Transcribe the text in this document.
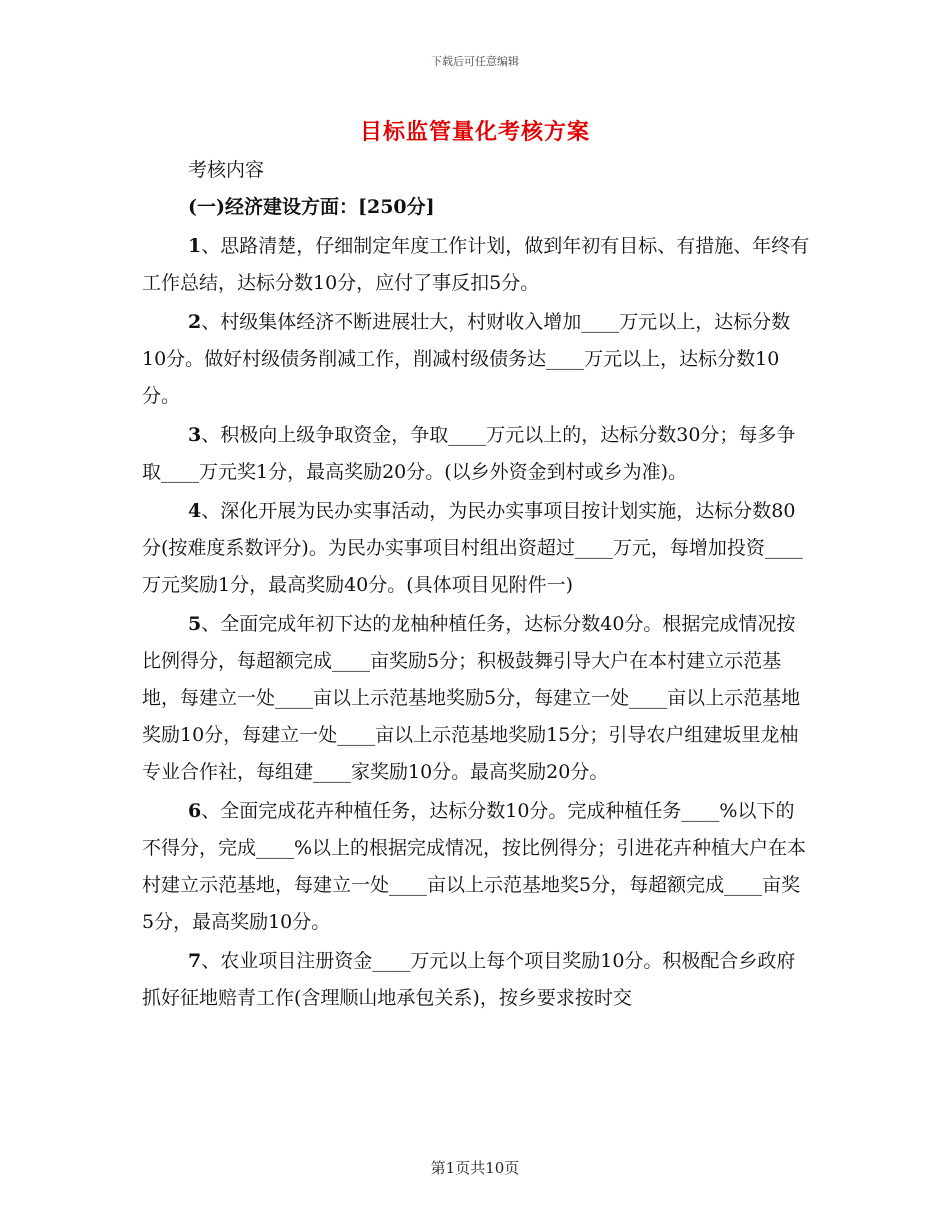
下载后可任意编辑
目标监管量化考核方案

考核内容

(一)经济建设方面：[250分]

1、思路清楚，仔细制定年度工作计划，做到年初有目标、有措施、年终有工作总结，达标分数10分，应付了事反扣5分。

2、村级集体经济不断进展壮大，村财收入增加____万元以上，达标分数10分。做好村级债务削减工作，削减村级债务达____万元以上，达标分数10分。

3、积极向上级争取资金，争取____万元以上的，达标分数30分；每多争取____万元奖1分，最高奖励20分。(以乡外资金到村或乡为准)。

4、深化开展为民办实事活动，为民办实事项目按计划实施，达标分数80分(按难度系数评分)。为民办实事项目村组出资超过____万元，每增加投资____万元奖励1分，最高奖励40分。(具体项目见附件一)

5、全面完成年初下达的龙柚种植任务，达标分数40分。根据完成情况按比例得分，每超额完成____亩奖励5分；积极鼓舞引导大户在本村建立示范基地，每建立一处____亩以上示范基地奖励5分，每建立一处____亩以上示范基地奖励10分，每建立一处____亩以上示范基地奖励15分；引导农户组建坂里龙柚专业合作社，每组建____家奖励10分。最高奖励20分。

6、全面完成花卉种植任务，达标分数10分。完成种植任务____%以下的不得分，完成____%以上的根据完成情况，按比例得分；引进花卉种植大户在本村建立示范基地，每建立一处____亩以上示范基地奖5分，每超额完成____亩奖5分，最高奖励10分。

7、农业项目注册资金____万元以上每个项目奖励10分。积极配合乡政府抓好征地赔青工作(含理顺山地承包关系)，按乡要求按时交

第1页共10页
